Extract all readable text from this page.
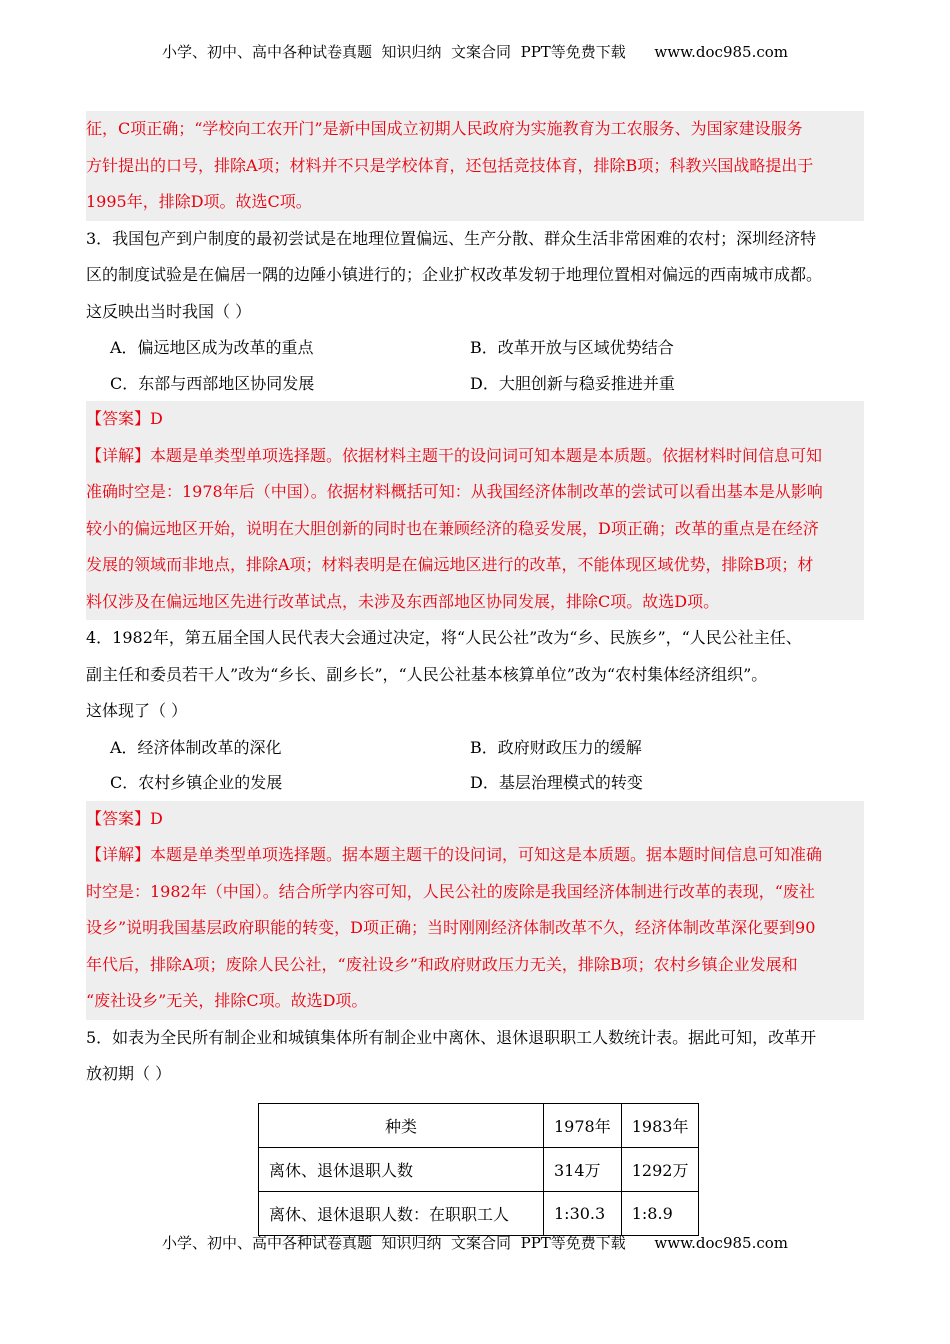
小学、初中、高中各种试卷真题  知识归纳  文案合同  PPT等免费下载 www.doc985.com

征，C项正确；“学校向工农开门”是新中国成立初期人民政府为实施教育为工农服务、为国家建设服务

方针提出的口号，排除A项；材料并不只是学校体育，还包括竞技体育，排除B项；科教兴国战略提出于

1995年，排除D项。故选C项。

3．我国包产到户制度的最初尝试是在地理位置偏远、生产分散、群众生活非常困难的农村；深圳经济特

区的制度试验是在偏居一隅的边陲小镇进行的；企业扩权改革发轫于地理位置相对偏远的西南城市成都。

这反映出当时我国（ ）

A．偏远地区成为改革的重点	B．改革开放与区域优势结合
C．东部与西部地区协同发展	D．大胆创新与稳妥推进并重

【答案】D

【详解】本题是单类型单项选择题。依据材料主题干的设问词可知本题是本质题。依据材料时间信息可知

准确时空是：1978年后（中国）。依据材料概括可知：从我国经济体制改革的尝试可以看出基本是从影响

较小的偏远地区开始，说明在大胆创新的同时也在兼顾经济的稳妥发展，D项正确；改革的重点是在经济

发展的领域而非地点，排除A项；材料表明是在偏远地区进行的改革，不能体现区域优势，排除B项；材

料仅涉及在偏远地区先进行改革试点，未涉及东西部地区协同发展，排除C项。故选D项。

4．1982年，第五届全国人民代表大会通过决定，将“人民公社”改为“乡、民族乡”，“人民公社主任、

副主任和委员若干人”改为“乡长、副乡长”，“人民公社基本核算单位”改为“农村集体经济组织”。

这体现了（ ）

A．经济体制改革的深化	B．政府财政压力的缓解
C．农村乡镇企业的发展	D．基层治理模式的转变

【答案】D

【详解】本题是单类型单项选择题。据本题主题干的设问词，可知这是本质题。据本题时间信息可知准确

时空是：1982年（中国）。结合所学内容可知，人民公社的废除是我国经济体制进行改革的表现，“废社

设乡”说明我国基层政府职能的转变，D项正确；当时刚刚经济体制改革不久，经济体制改革深化要到90

年代后，排除A项；废除人民公社，“废社设乡”和政府财政压力无关，排除B项；农村乡镇企业发展和

“废社设乡”无关，排除C项。故选D项。

5．如表为全民所有制企业和城镇集体所有制企业中离休、退休退职职工人数统计表。据此可知，改革开

放初期（ ）

种类	1978年	1983年
离休、退休退职人数	314万	1292万
离休、退休退职人数：在职职工人	1:30.3	1:8.9
小学、初中、高中各种试卷真题  知识归纳  文案合同  PPT等免费下载 www.doc985.com
